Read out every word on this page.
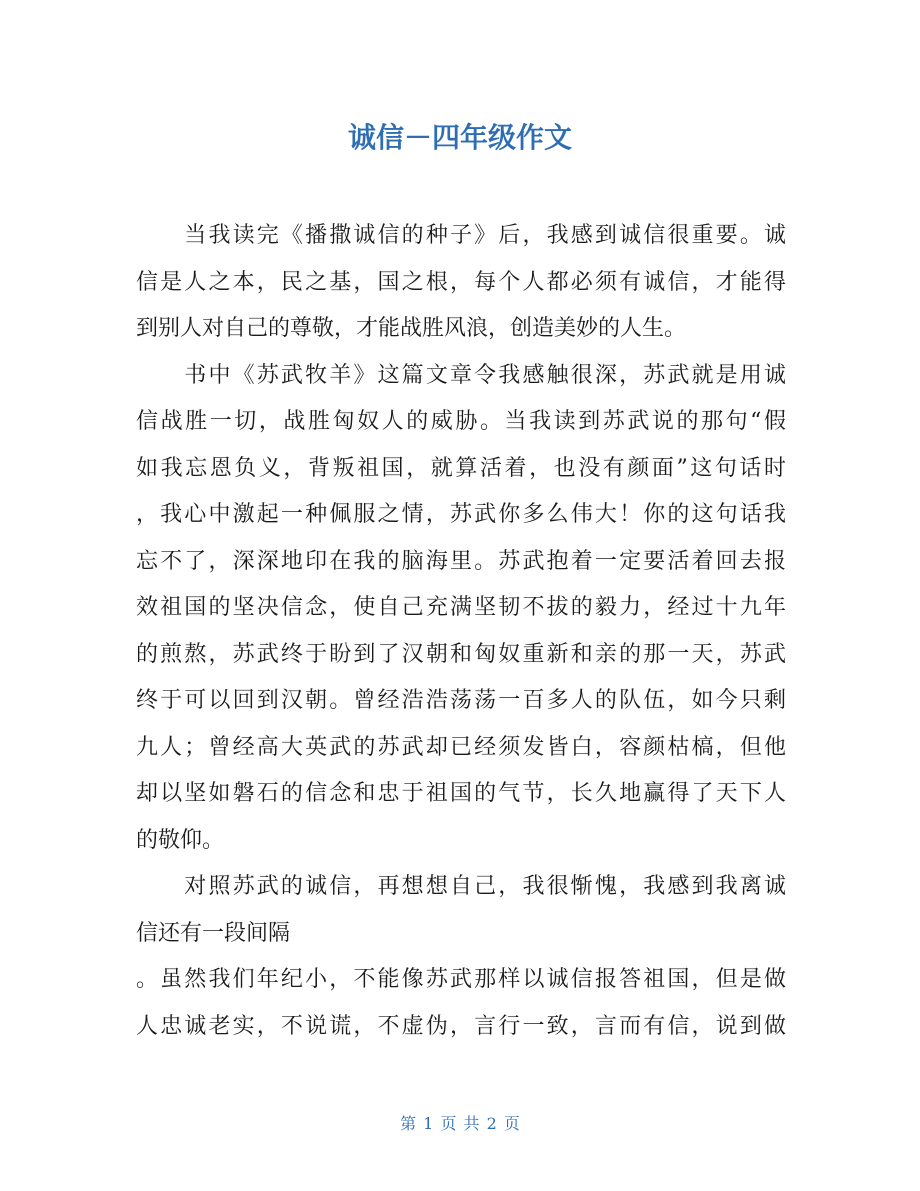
诚信－四年级作文
　　当我读完《播撒诚信的种子》后，我感到诚信很重要。诚
信是人之本，民之基，国之根，每个人都必须有诚信，才能得
到别人对自己的尊敬，才能战胜风浪，创造美妙的人生。
　　书中《苏武牧羊》这篇文章令我感触很深，苏武就是用诚
信战胜一切，战胜匈奴人的威胁。当我读到苏武说的那句“假
如我忘恩负义，背叛祖国，就算活着，也没有颜面”这句话时
，我心中激起一种佩服之情，苏武你多么伟大！你的这句话我
忘不了，深深地印在我的脑海里。苏武抱着一定要活着回去报
效祖国的坚决信念，使自己充满坚韧不拔的毅力，经过十九年
的煎熬，苏武终于盼到了汉朝和匈奴重新和亲的那一天，苏武
终于可以回到汉朝。曾经浩浩荡荡一百多人的队伍，如今只剩
九人；曾经高大英武的苏武却已经须发皆白，容颜枯槁，但他
却以坚如磐石的信念和忠于祖国的气节，长久地赢得了天下人
的敬仰。
　　对照苏武的诚信，再想想自己，我很惭愧，我感到我离诚
信还有一段间隔
。虽然我们年纪小，不能像苏武那样以诚信报答祖国，但是做
人忠诚老实，不说谎，不虚伪，言行一致，言而有信，说到做
第 1 页 共 2 页
